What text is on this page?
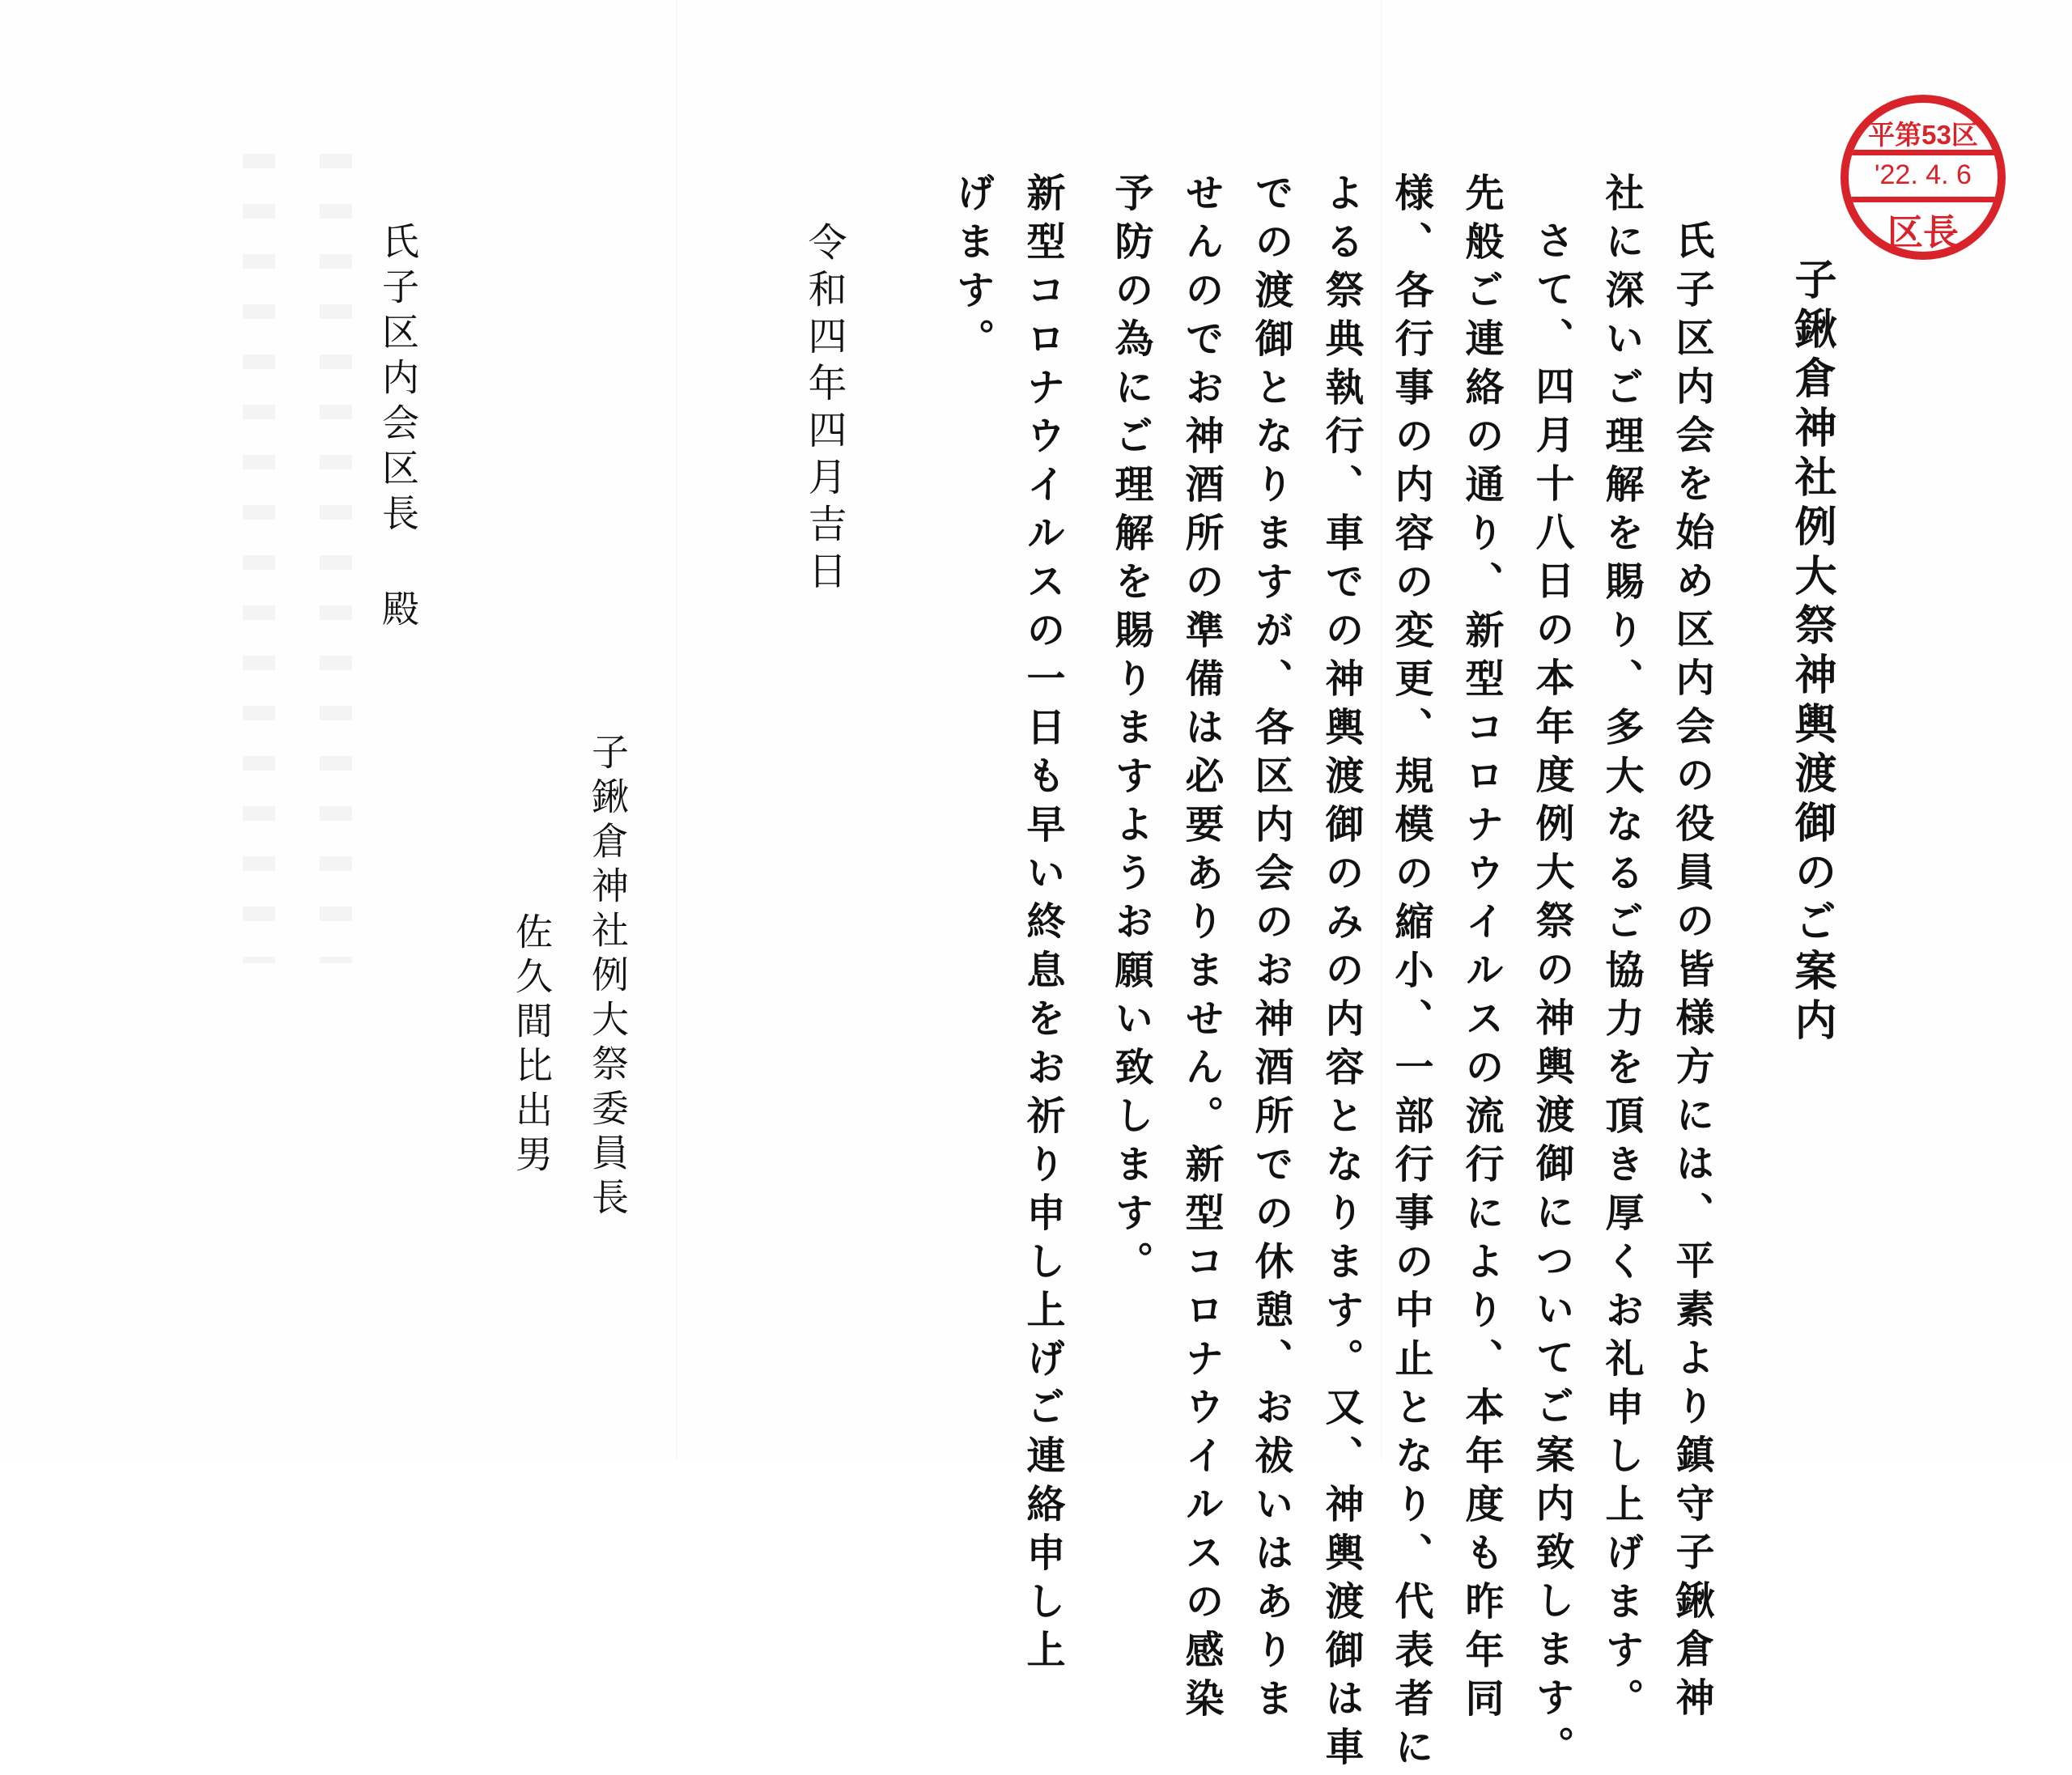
平第53区
'22. 4. 6
区長
子鍬倉神社例大祭神輿渡御のご案内

氏子区内会を始め区内会の役員の皆様方には、平素より鎮守子鍬倉神

社に深いご理解を賜り、多大なるご協力を頂き厚くお礼申し上げます。

さて、四月十八日の本年度例大祭の神輿渡御についてご案内致します。

先般ご連絡の通り、新型コロナウイルスの流行により、本年度も昨年同

様、各行事の内容の変更、規模の縮小、一部行事の中止となり、代表者に

よる祭典執行、車での神輿渡御のみの内容となります。又、神輿渡御は車

での渡御となりますが、各区内会のお神酒所での休憩、お祓いはありま

せんのでお神酒所の準備は必要ありません。新型コロナウイルスの感染

予防の為にご理解を賜りますようお願い致します。

新型コロナウイルスの一日も早い終息をお祈り申し上げご連絡申し上

げます。

令和四年四月吉日

子鍬倉神社例大祭委員長

佐久間比出男

氏子区内会区長

殿
